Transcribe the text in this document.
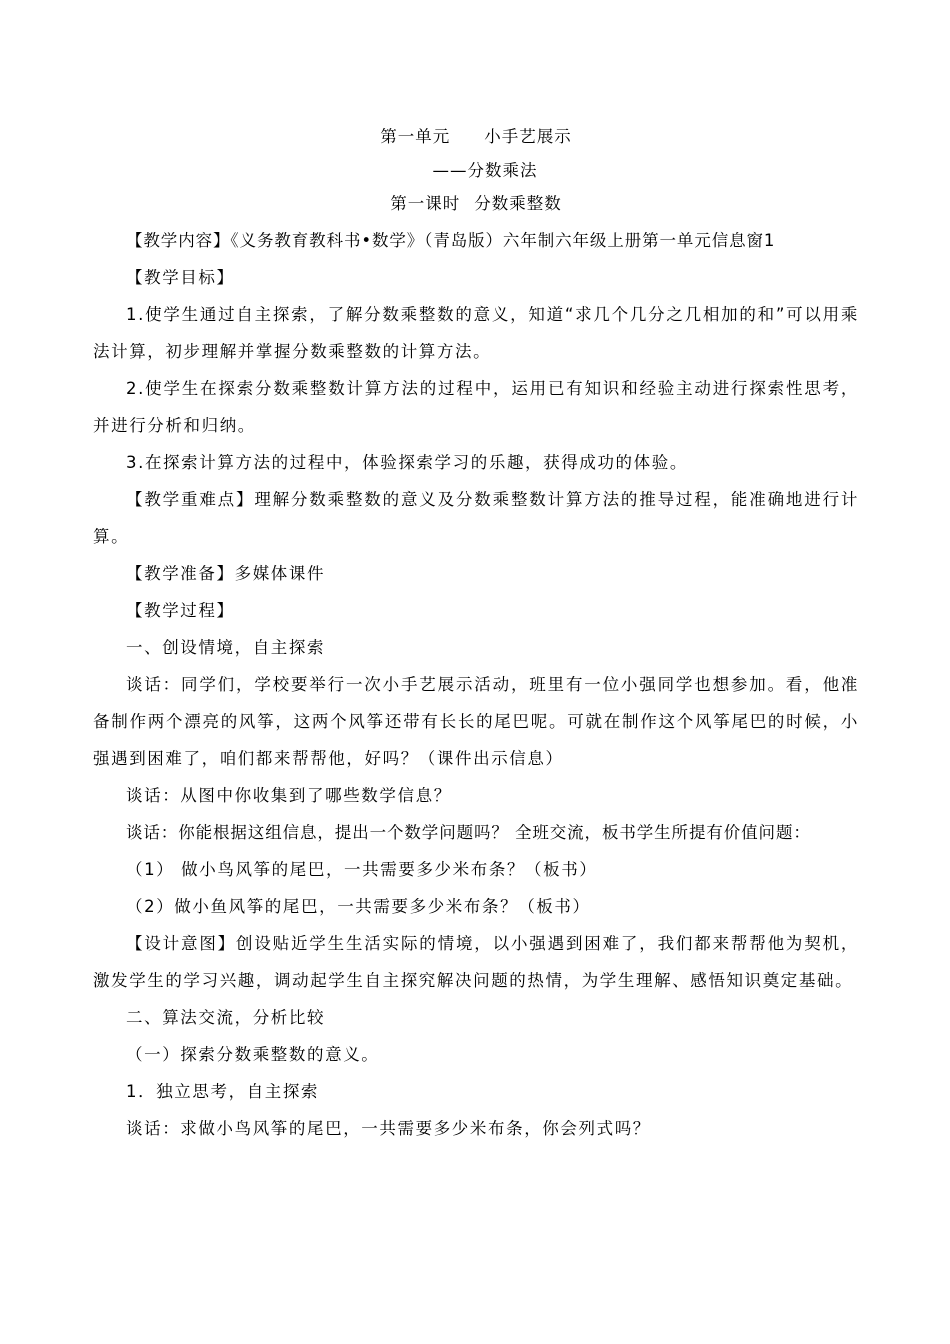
第一单元 小手艺展示
——分数乘法
第一课时 分数乘整数

【教学内容】《义务教育教科书•数学》（青岛版）六年制六年级上册第一单元信息窗1

【教学目标】

1.使学生通过自主探索，了解分数乘整数的意义，知道“求几个几分之几相加的和”可以用乘法计算，初步理解并掌握分数乘整数的计算方法。

2.使学生在探索分数乘整数计算方法的过程中，运用已有知识和经验主动进行探索性思考，并进行分析和归纳。

3.在探索计算方法的过程中，体验探索学习的乐趣，获得成功的体验。

【教学重难点】理解分数乘整数的意义及分数乘整数计算方法的推导过程，能准确地进行计算。

【教学准备】多媒体课件

【教学过程】

一、创设情境，自主探索

谈话：同学们，学校要举行一次小手艺展示活动，班里有一位小强同学也想参加。看，他准备制作两个漂亮的风筝，这两个风筝还带有长长的尾巴呢。可就在制作这个风筝尾巴的时候，小强遇到困难了，咱们都来帮帮他，好吗？（课件出示信息）

谈话：从图中你收集到了哪些数学信息？

谈话：你能根据这组信息，提出一个数学问题吗？ 全班交流，板书学生所提有价值问题：

（1） 做小鸟风筝的尾巴，一共需要多少米布条？（板书）

（2）做小鱼风筝的尾巴，一共需要多少米布条？（板书）

【设计意图】创设贴近学生生活实际的情境，以小强遇到困难了，我们都来帮帮他为契机，激发学生的学习兴趣，调动起学生自主探究解决问题的热情，为学生理解、感悟知识奠定基础。

二、算法交流，分析比较

（一）探索分数乘整数的意义。

1．独立思考，自主探索

谈话：求做小鸟风筝的尾巴，一共需要多少米布条，你会列式吗？
